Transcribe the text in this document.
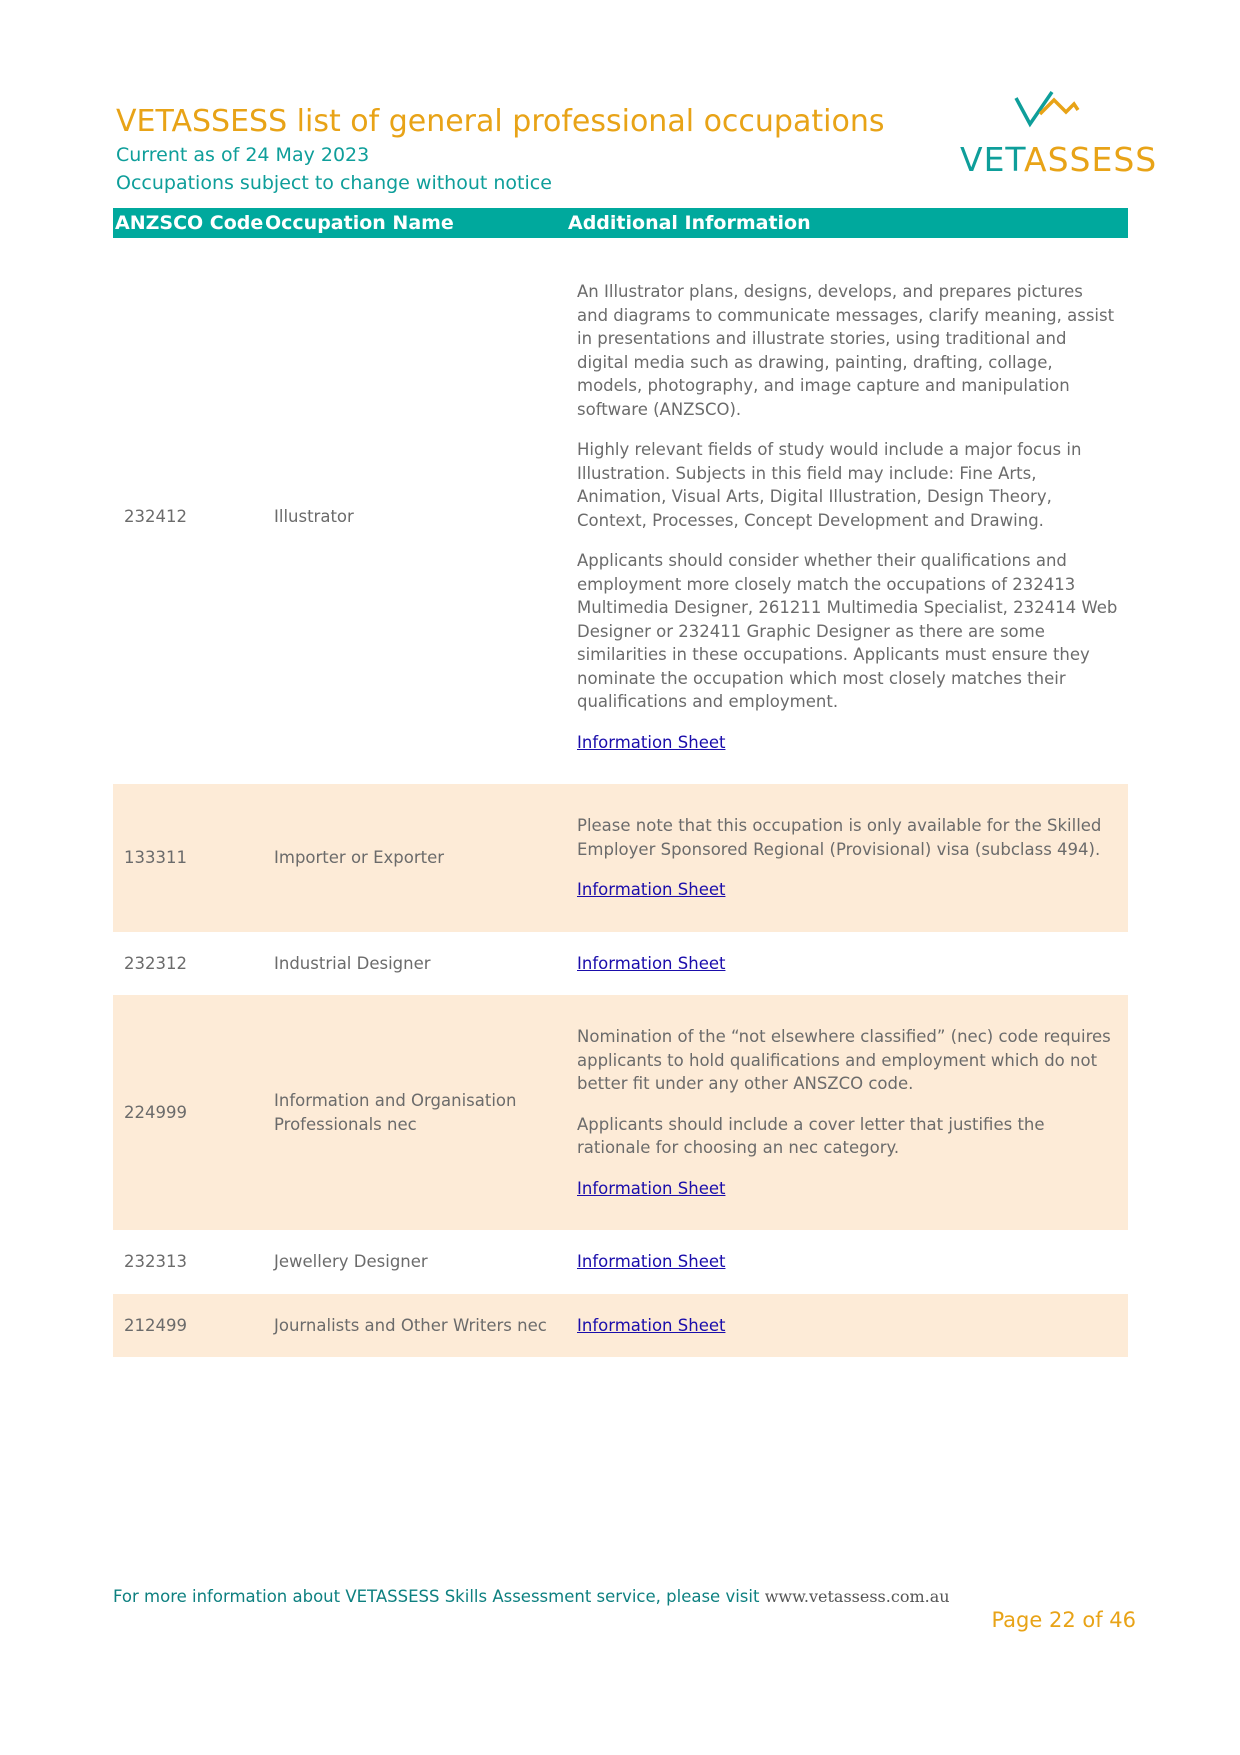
VETASSESS list of general professional occupations
Current as of 24 May 2023
Occupations subject to change without notice
VETASSESS
ANZSCO Code	Occupation Name	Additional Information

232412	Illustrator	An Illustrator plans, designs, develops, and prepares pictures and diagrams to communicate messages, clarify meaning, assist in presentations and illustrate stories, using traditional and digital media such as drawing, painting, drafting, collage, models, photography, and image capture and manipulation software (ANZSCO).

Highly relevant fields of study would include a major focus in Illustration. Subjects in this field may include: Fine Arts, Animation, Visual Arts, Digital Illustration, Design Theory, Context, Processes, Concept Development and Drawing.

Applicants should consider whether their qualifications and employment more closely match the occupations of 232413 Multimedia Designer, 261211 Multimedia Specialist, 232414 Web Designer or 232411 Graphic Designer as there are some similarities in these occupations. Applicants must ensure they nominate the occupation which most closely matches their qualifications and employment.

Information Sheet
133311	Importer or Exporter	Please note that this occupation is only available for the Skilled Employer Sponsored Regional (Provisional) visa (subclass 494).

Information Sheet
232312	Industrial Designer	Information Sheet
224999	Information and Organisation Professionals nec	Nomination of the “not elsewhere classified” (nec) code requires applicants to hold qualifications and employment which do not better fit under any other ANSZCO code.

Applicants should include a cover letter that justifies the rationale for choosing an nec category.

Information Sheet
232313	Jewellery Designer	Information Sheet
212499	Journalists and Other Writers nec	Information Sheet
For more information about VETASSESS Skills Assessment service, please visit www.vetassess.com.au
Page 22 of 46
